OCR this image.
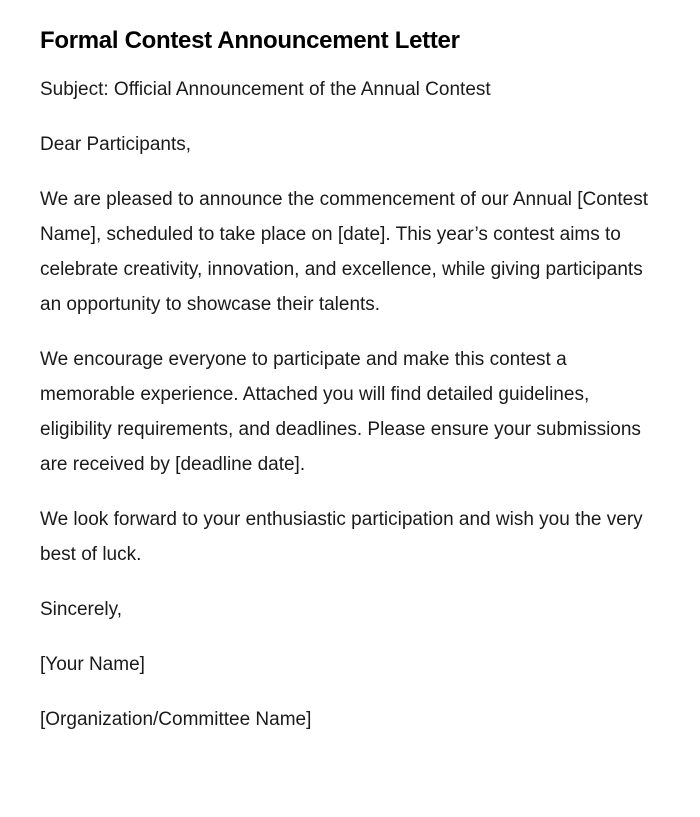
Formal Contest Announcement Letter

Subject: Official Announcement of the Annual Contest

Dear Participants,

We are pleased to announce the commencement of our Annual [Contest Name], scheduled to take place on [date]. This year’s contest aims to celebrate creativity, innovation, and excellence, while giving participants an opportunity to showcase their talents.

We encourage everyone to participate and make this contest a memorable experience. Attached you will find detailed guidelines, eligibility requirements, and deadlines. Please ensure your submissions are received by [deadline date].

We look forward to your enthusiastic participation and wish you the very best of luck.

Sincerely,

[Your Name]

[Organization/Committee Name]
